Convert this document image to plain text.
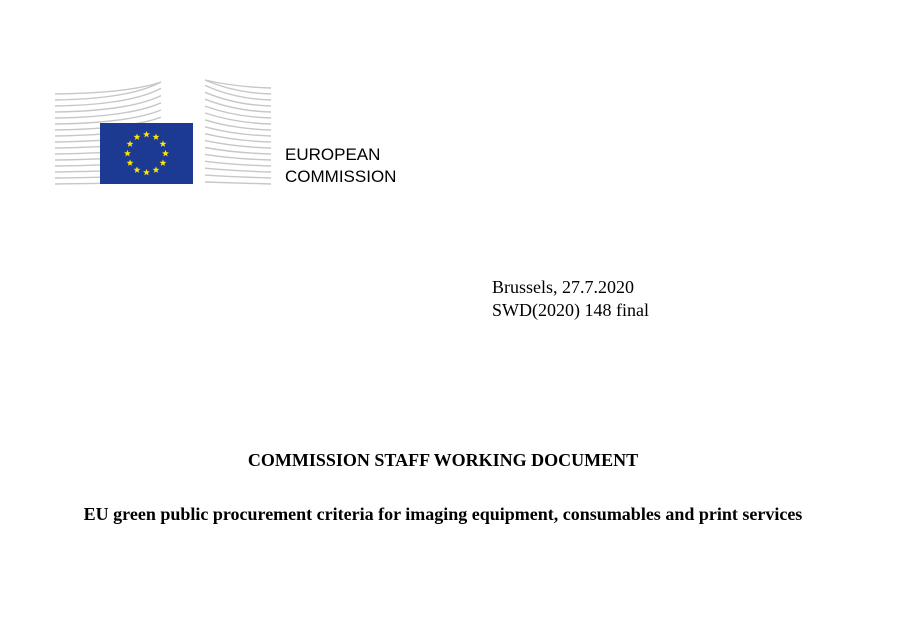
EUROPEAN
COMMISSION
Brussels, 27.7.2020
SWD(2020) 148 final
COMMISSION STAFF WORKING DOCUMENT
EU green public procurement criteria for imaging equipment, consumables and print services
